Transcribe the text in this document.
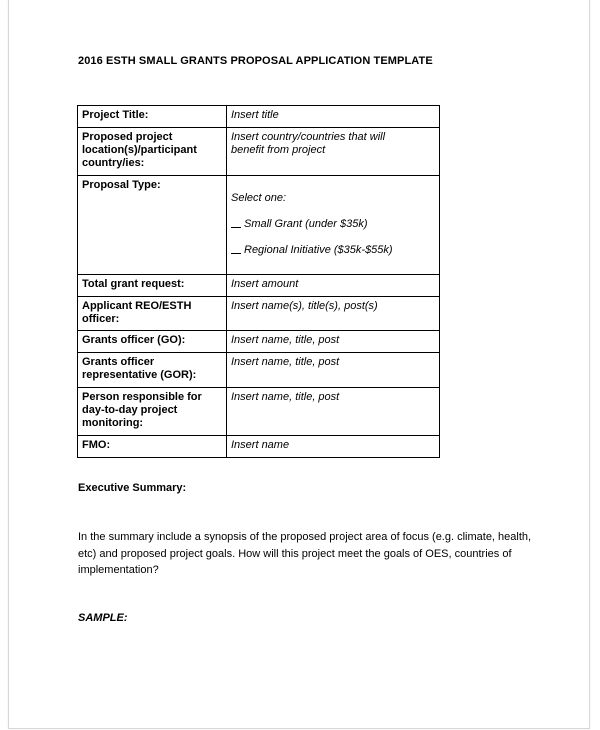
2016 ESTH SMALL GRANTS PROPOSAL APPLICATION TEMPLATE
Project Title:	Insert title

Proposed project location(s)/participant country/ies:	Insert country/countries that will benefit from project

Proposal Type:	Select one:

Small Grant (under $35k)

Regional Initiative ($35k-$55k)

Total grant request:	Insert amount

Applicant REO/ESTH officer:	Insert name(s), title(s), post(s)
Grants officer (GO):	Insert name, title, post

Grants officer representative (GOR):	Insert name, title, post

Person responsible for day-to-day project monitoring:	Insert name, title, post
FMO:	Insert name
Executive Summary:
In the summary include a synopsis of the proposed project area of focus (e.g. climate, health, etc) and proposed project goals. How will this project meet the goals of OES, countries of implementation?
SAMPLE:
